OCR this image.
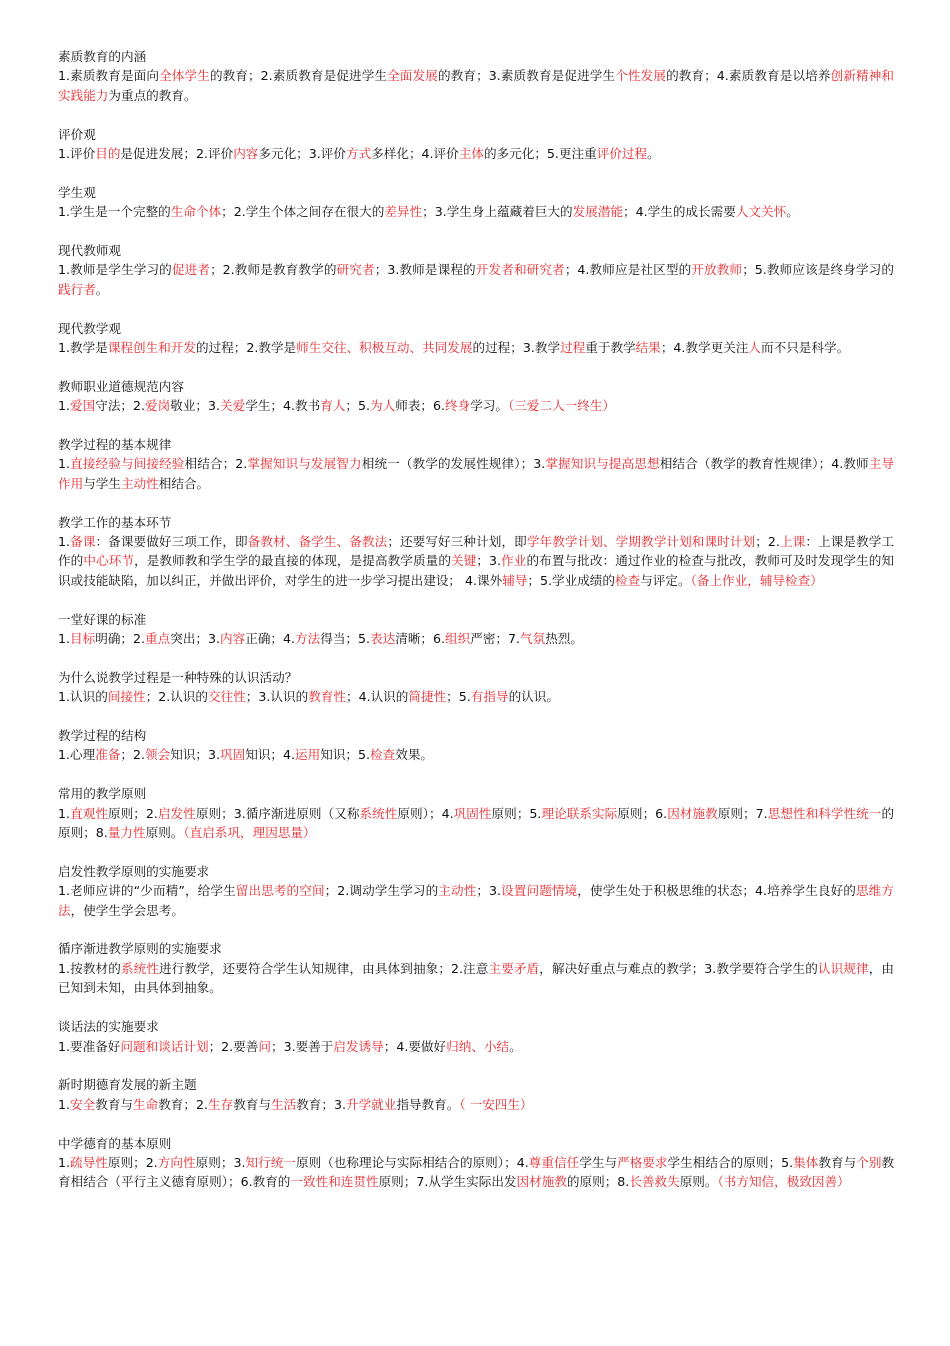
素质教育的内涵
1.素质教育是面向全体学生的教育；2.素质教育是促进学生全面发展的教育；3.素质教育是促进学生个性发展的教育；4.素质教育是以培养创新精神和实践能力为重点的教育。
评价观
1.评价目的是促进发展；2.评价内容多元化；3.评价方式多样化；4.评价主体的多元化；5.更注重评价过程。
学生观
1.学生是一个完整的生命个体；2.学生个体之间存在很大的差异性；3.学生身上蕴藏着巨大的发展潜能；4.学生的成长需要人文关怀。
现代教师观
1.教师是学生学习的促进者；2.教师是教育教学的研究者；3.教师是课程的开发者和研究者；4.教师应是社区型的开放教师；5.教师应该是终身学习的践行者。
现代教学观
1.教学是课程创生和开发的过程；2.教学是师生交往、积极互动、共同发展的过程；3.教学过程重于教学结果；4.教学更关注人而不只是科学。
教师职业道德规范内容
1.爱国守法；2.爱岗敬业；3.关爱学生；4.教书育人；5.为人师表；6.终身学习。（三爱二人一终生）
教学过程的基本规律
1.直接经验与间接经验相结合；2.掌握知识与发展智力相统一（教学的发展性规律）；3.掌握知识与提高思想相结合（教学的教育性规律）；4.教师主导作用与学生主动性相结合。
教学工作的基本环节
1.备课：备课要做好三项工作，即备教材、备学生、备教法；还要写好三种计划，即学年教学计划、学期教学计划和课时计划；2.上课：上课是教学工作的中心环节，是教师教和学生学的最直接的体现，是提高教学质量的关键；3.作业的布置与批改：通过作业的检查与批改，教师可及时发现学生的知识或技能缺陷，加以纠正，并做出评价，对学生的进一步学习提出建设； 4.课外辅导；5.学业成绩的检查与评定。（备上作业，辅导检查）
一堂好课的标准
1.目标明确；2.重点突出；3.内容正确；4.方法得当；5.表达清晰；6.组织严密；7.气氛热烈。
为什么说教学过程是一种特殊的认识活动？
1.认识的间接性；2.认识的交往性；3.认识的教育性；4.认识的简捷性；5.有指导的认识。
教学过程的结构
1.心理准备；2.领会知识；3.巩固知识；4.运用知识；5.检查效果。
常用的教学原则
1.直观性原则；2.启发性原则；3.循序渐进原则（又称系统性原则）；4.巩固性原则；5.理论联系实际原则；6.因材施教原则；7.思想性和科学性统一的原则；8.量力性原则。（直启系巩，理因思量）
启发性教学原则的实施要求
1.老师应讲的“少而精”，给学生留出思考的空间；2.调动学生学习的主动性；3.设置问题情境，使学生处于积极思维的状态；4.培养学生良好的思维方法，使学生学会思考。
循序渐进教学原则的实施要求
1.按教材的系统性进行教学，还要符合学生认知规律，由具体到抽象；2.注意主要矛盾，解决好重点与难点的教学；3.教学要符合学生的认识规律，由已知到未知，由具体到抽象。
谈话法的实施要求
1.要准备好问题和谈话计划；2.要善问；3.要善于启发诱导；4.要做好归纳、小结。
新时期德育发展的新主题
1.安全教育与生命教育；2.生存教育与生活教育；3.升学就业指导教育。（ 一安四生）
中学德育的基本原则
1.疏导性原则；2.方向性原则；3.知行统一原则（也称理论与实际相结合的原则）；4.尊重信任学生与严格要求学生相结合的原则；5.集体教育与个别教育相结合（平行主义德育原则）；6.教育的一致性和连贯性原则；7.从学生实际出发因材施教的原则；8.长善救失原则。（书方知信，极致因善）
